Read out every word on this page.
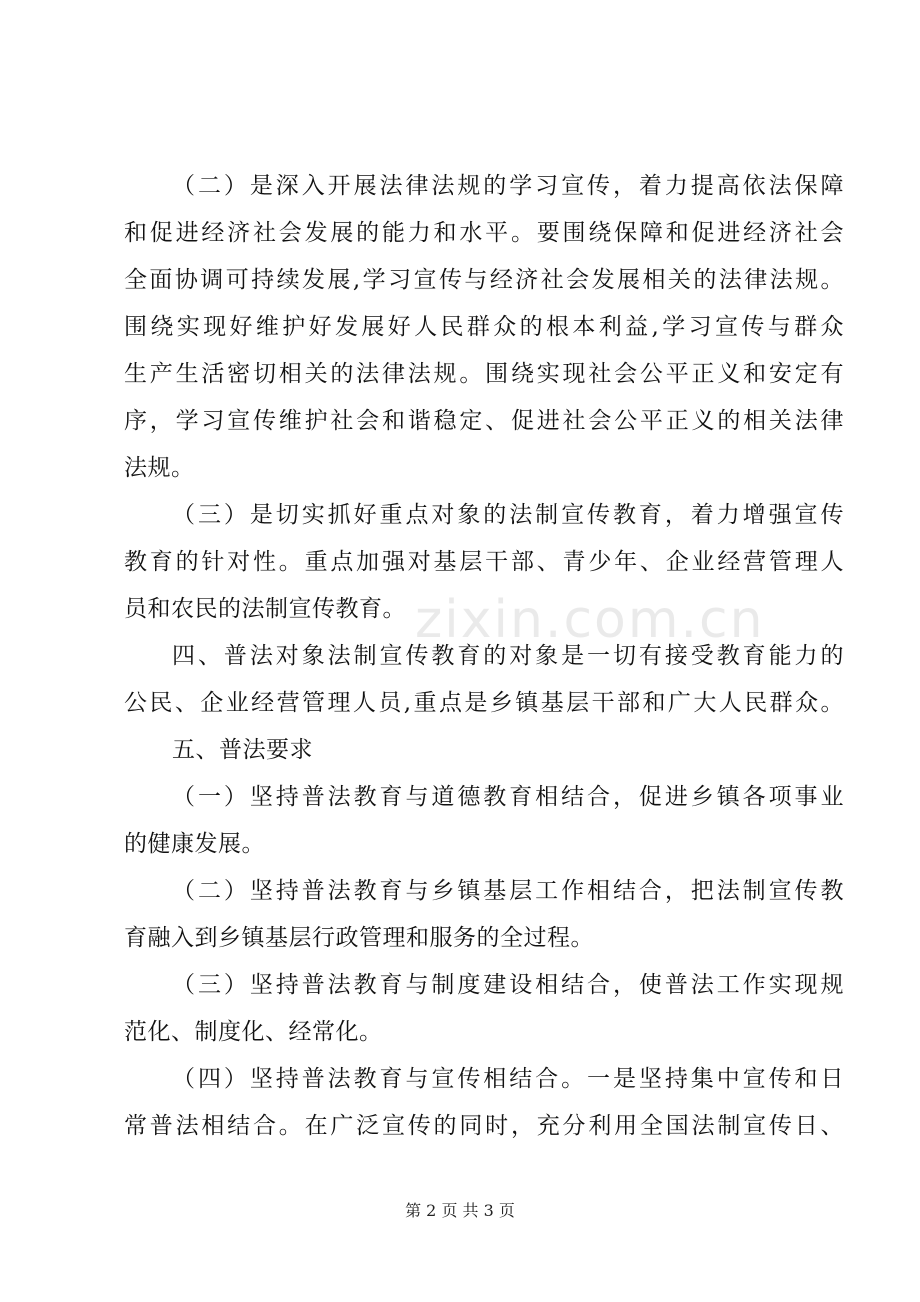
zixin.com.cn
（二）是深入开展法律法规的学习宣传，着力提高依法保障
和促进经济社会发展的能力和水平。要围绕保障和促进经济社会
全面协调可持续发展,学习宣传与经济社会发展相关的法律法规。
围绕实现好维护好发展好人民群众的根本利益,学习宣传与群众
生产生活密切相关的法律法规。围绕实现社会公平正义和安定有
序，学习宣传维护社会和谐稳定、促进社会公平正义的相关法律
法规。
（三）是切实抓好重点对象的法制宣传教育，着力增强宣传
教育的针对性。重点加强对基层干部、青少年、企业经营管理人
员和农民的法制宣传教育。
四、普法对象法制宣传教育的对象是一切有接受教育能力的
公民、企业经营管理人员,重点是乡镇基层干部和广大人民群众。
五、普法要求
（一）坚持普法教育与道德教育相结合，促进乡镇各项事业
的健康发展。
（二）坚持普法教育与乡镇基层工作相结合，把法制宣传教
育融入到乡镇基层行政管理和服务的全过程。
（三）坚持普法教育与制度建设相结合，使普法工作实现规
范化、制度化、经常化。
（四）坚持普法教育与宣传相结合。一是坚持集中宣传和日
常普法相结合。在广泛宣传的同时，充分利用全国法制宣传日、
第 2 页 共 3 页
